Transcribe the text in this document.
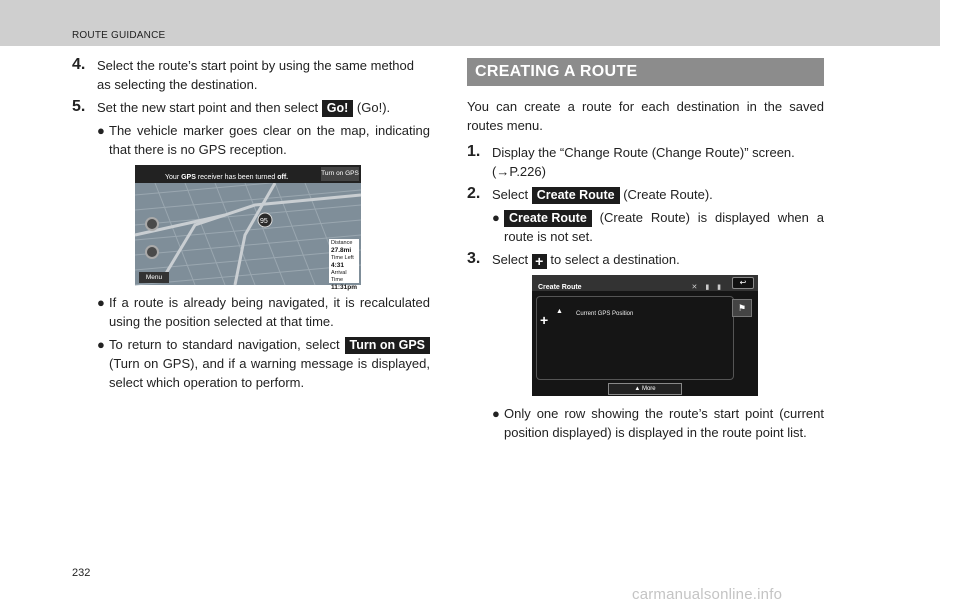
ROUTE GUIDANCE
4. Select the route’s start point by using the same method as selecting the destination.
5. Set the new start point and then select Go! (Go!).
● The vehicle marker goes clear on the map, indicating that there is no GPS reception.
95
Your GPS receiver has been turned off.
Turn on GPS
Distance
27.8mi
Time Left
4:31
Arrival Time
11:31pm
Menu
● If a route is already being navigated, it is recalculated using the position selected at that time.
● To return to standard navigation, select Turn on GPS (Turn on GPS), and if a warning message is displayed, select which operation to perform.
CREATING A ROUTE
You can create a route for each destination in the saved routes menu.
1. Display the “Change Route (Change Route)” screen. (→P.226)
2. Select Create Route (Create Route).
● Create Route (Create Route) is displayed when a route is not set.
3. Select + to select a destination.
Create Route	✕ ▮ ▮
↩
+
▲ Current GPS Position
⚑
▲ More
● Only one row showing the route’s start point (current position displayed) is displayed in the route point list.
232
carmanualsonline.info
